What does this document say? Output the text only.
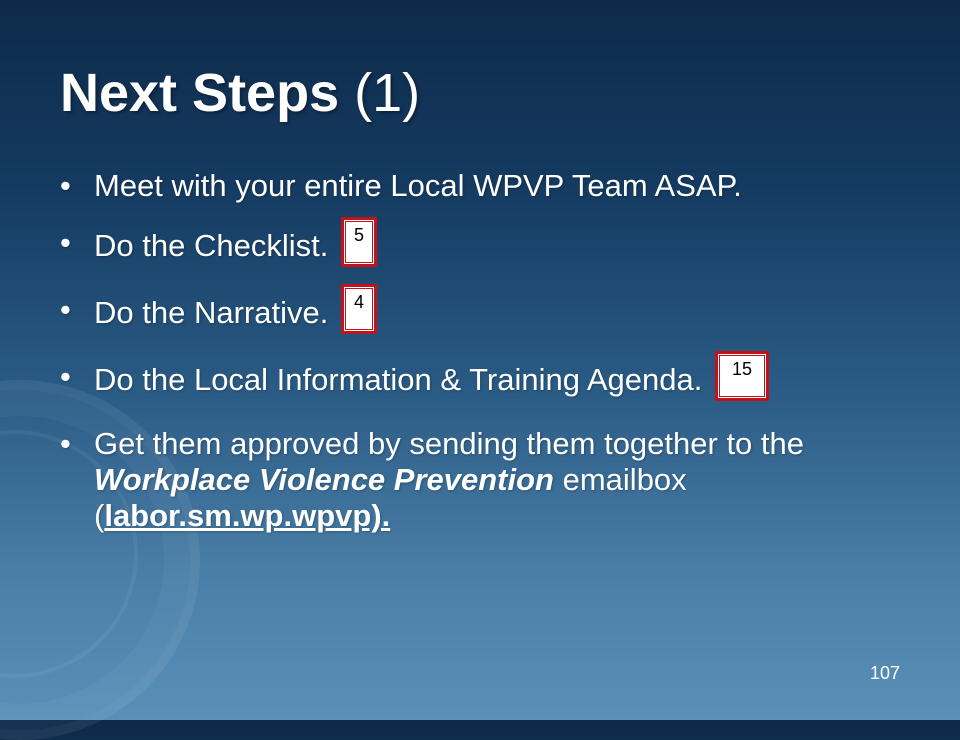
Next Steps (1)
• Meet with your entire Local WPVP Team ASAP.
• Do the Checklist. 5
• Do the Narrative. 4
• Do the Local Information & Training Agenda. 15
• Get them approved by sending them together to the Workplace Violence Prevention emailbox (labor.sm.wp.wpvp).
107
